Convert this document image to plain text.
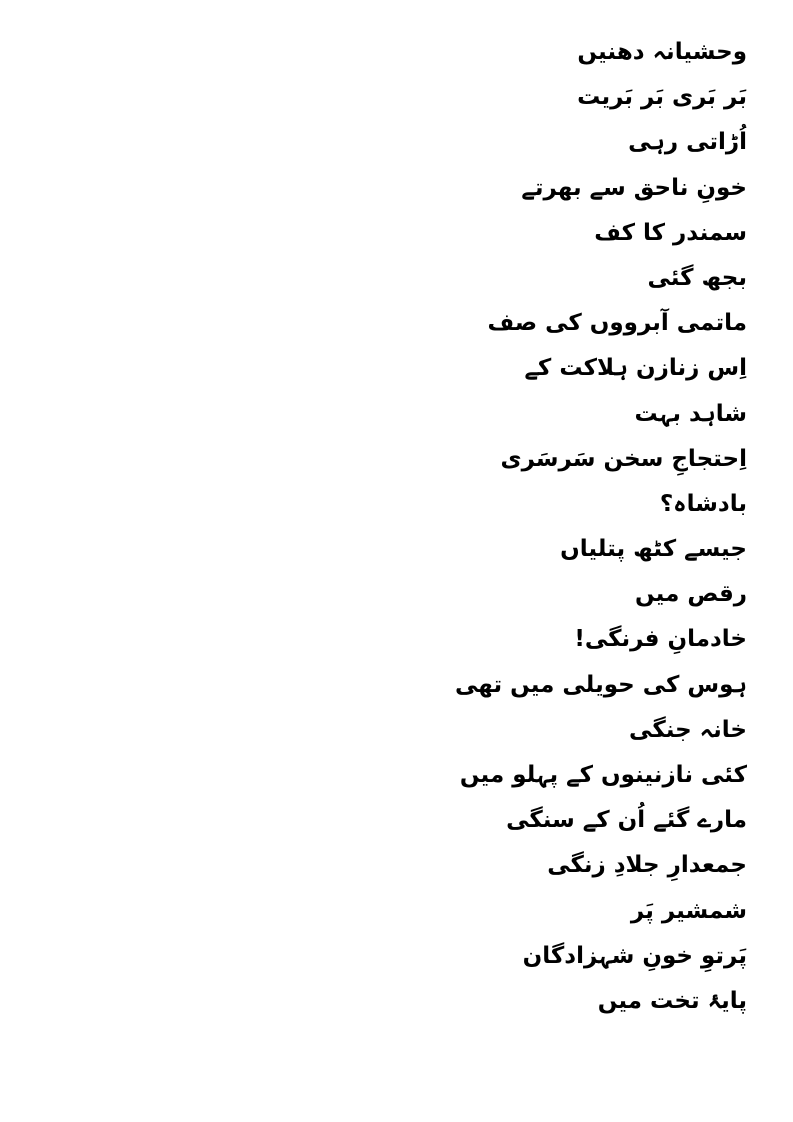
وحشیانہ دھنیں
بَر بَری بَر بَریت
اُڑاتی رہی
خونِ ناحق سے بھرتے
سمندر کا کف
بجھ گئی
ماتمی آبرووں کی صف
اِس زنازن ہلاکت کے
شاہد بہت
اِحتجاجِ سخن سَرسَری
بادشاہ؟
جیسے کٹھ پتلیاں
رقص میں
خادمانِ فرنگی!
ہوس کی حویلی میں تھی
خانہ جنگی
کئی نازنینوں کے پہلو میں
مارے گئے اُن کے سنگی
جمعدارِ جلادِ زنگی
شمشیر پَر
پَرتوِ خونِ شہزادگان
پایۂ تخت میں
